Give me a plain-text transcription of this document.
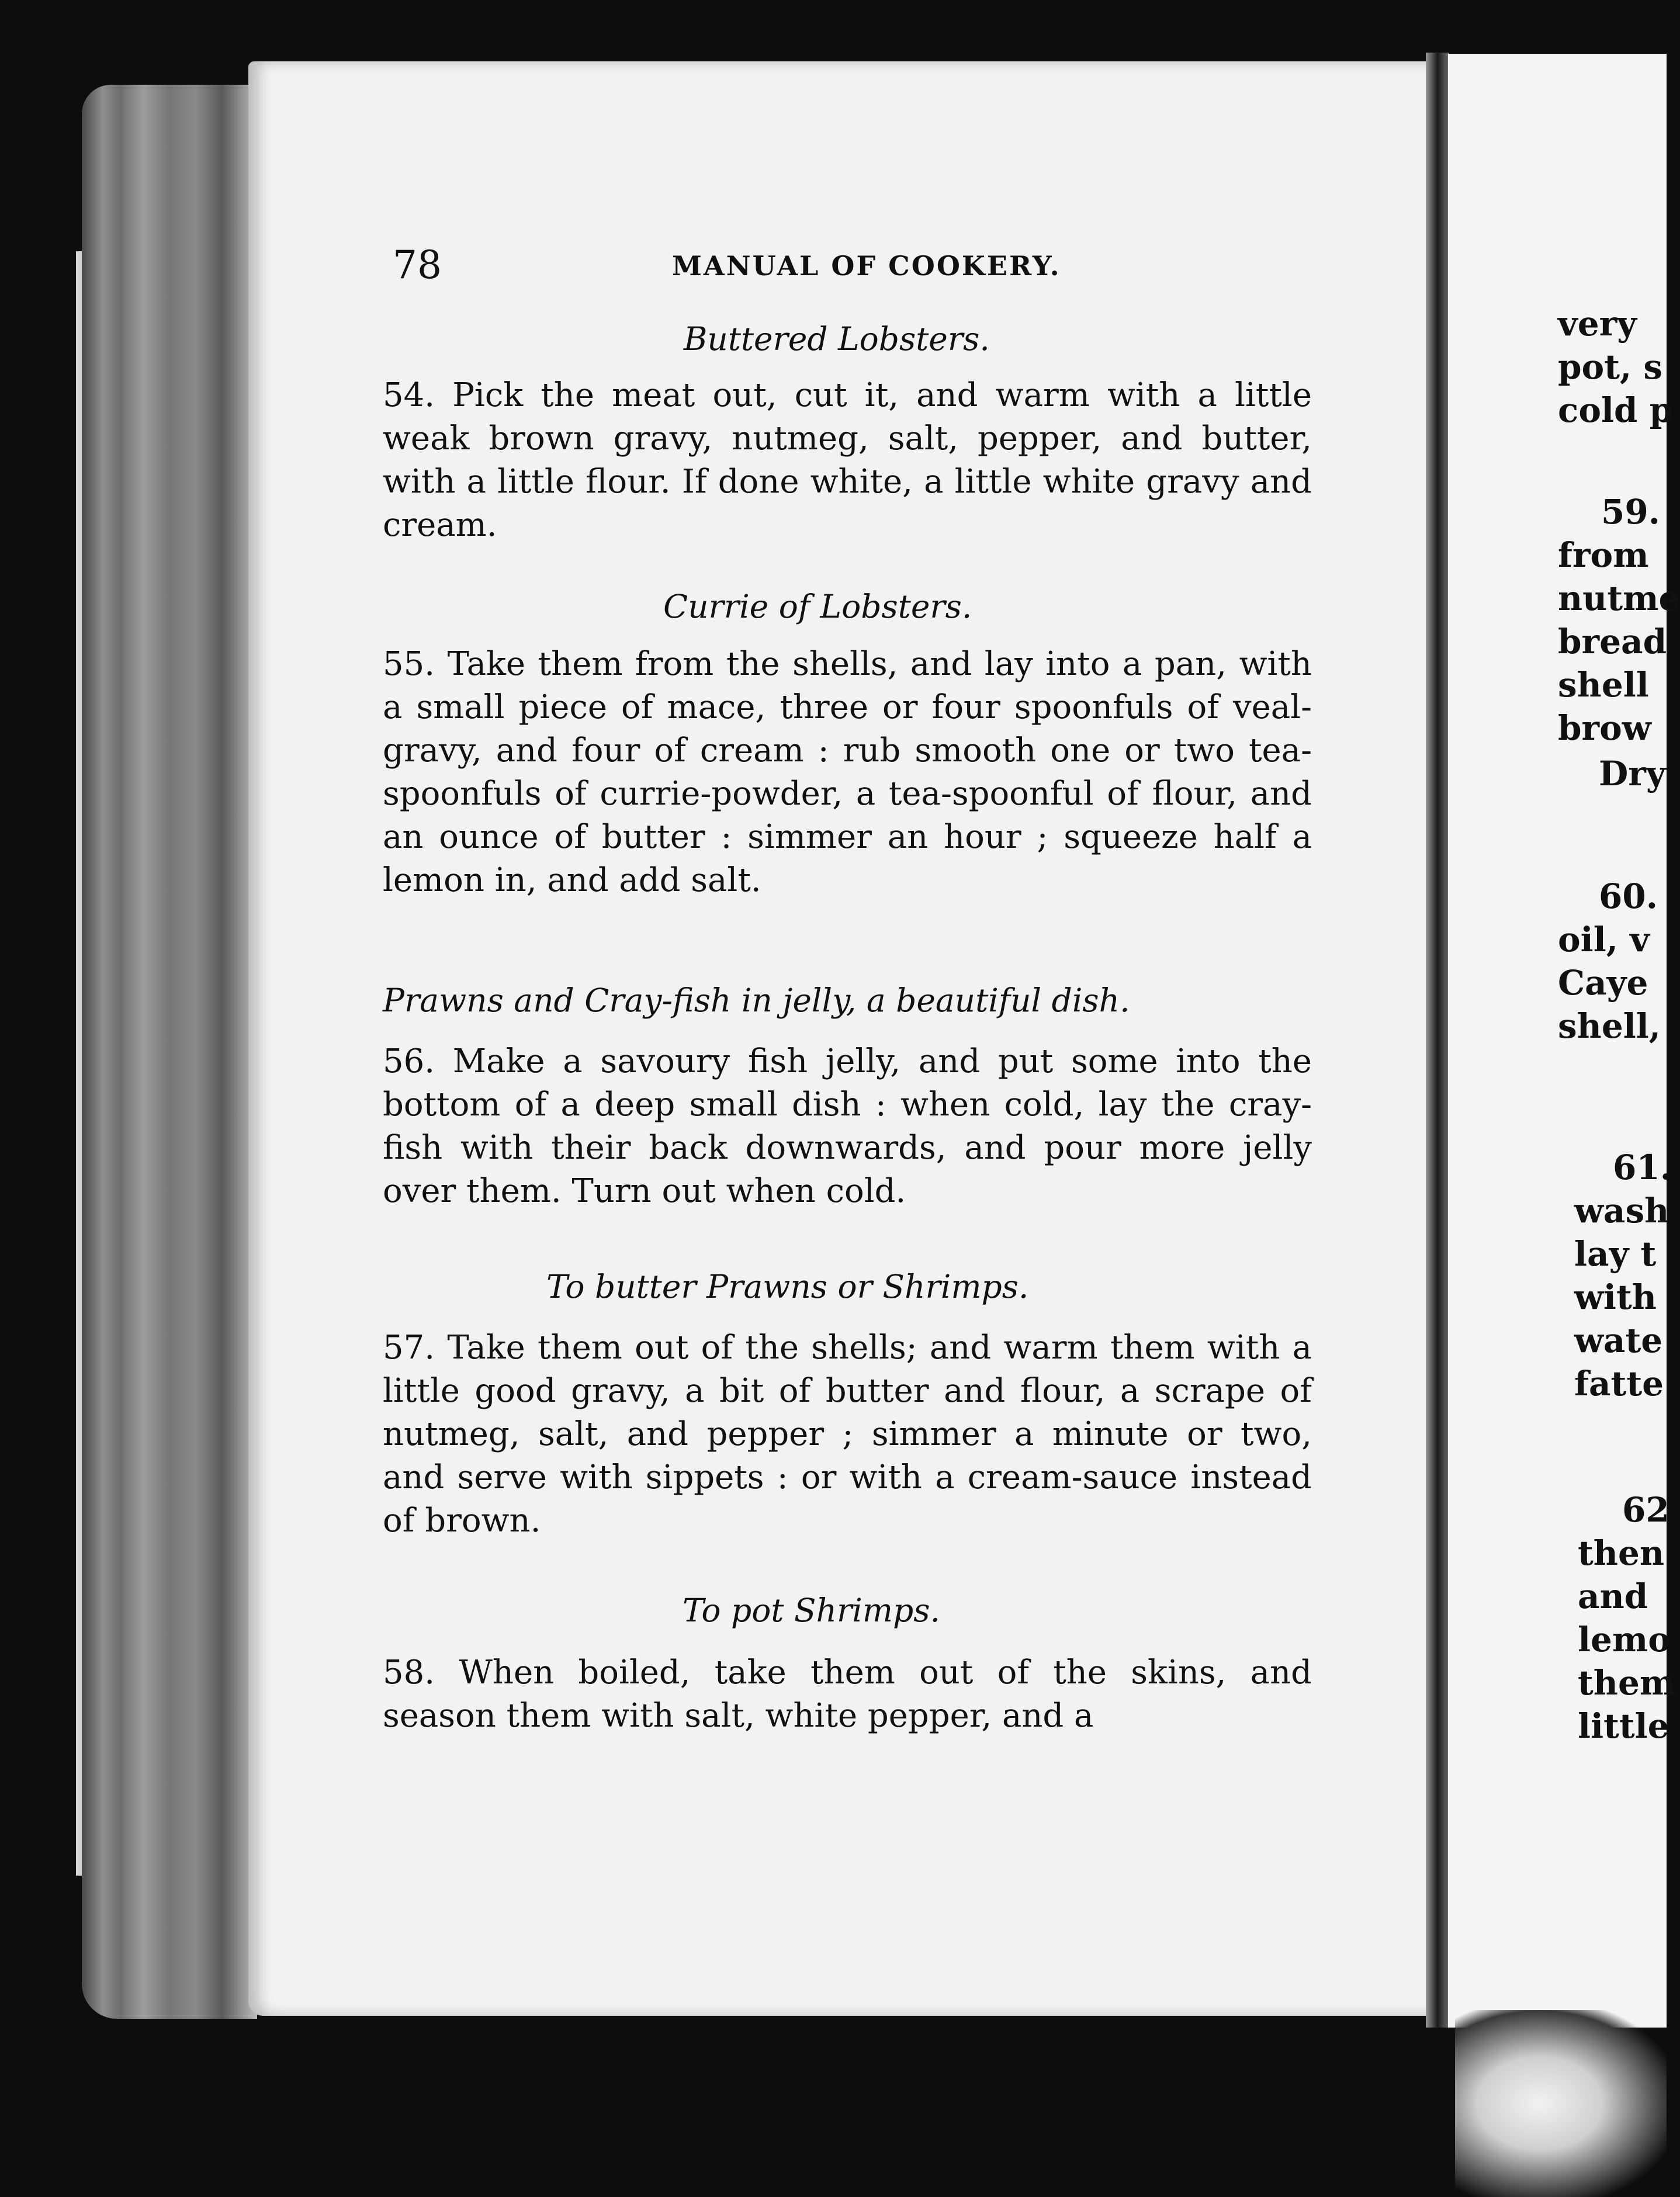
78	MANUAL OF COOKERY.
Buttered Lobsters.
54. Pick the meat out, cut it, and warm with a little weak brown gravy, nutmeg, salt, pepper, and butter, with a little flour. If done white, a little white gravy and cream.
Currie of Lobsters.
55. Take them from the shells, and lay into a pan, with a small piece of mace, three or four spoonfuls of veal-gravy, and four of cream : rub smooth one or two tea-spoonfuls of currie-powder, a tea-spoonful of flour, and an ounce of butter : simmer an hour ; squeeze half a lemon in, and add salt.
Prawns and Cray-fish in jelly, a beautiful dish.
56. Make a savoury fish jelly, and put some into the bottom of a deep small dish : when cold, lay the cray-fish with their back downwards, and pour more jelly over them. Turn out when cold.
To butter Prawns or Shrimps.
57. Take them out of the shells; and warm them with a little good gravy, a bit of butter and flour, a scrape of nutmeg, salt, and pepper ; simmer a minute or two, and serve with sippets : or with a cream-sauce instead of brown.
To pot Shrimps.
58. When boiled, take them out of the skins, and season them with salt, white pepper, and a
very
pot, s
cold p
59.
from
nutme
bread
shell
brow
Dry
60.
oil, v
Caye
shell,
61.
wash
lay t
with
wate
fatte
62
then
and
lemo
them
little
